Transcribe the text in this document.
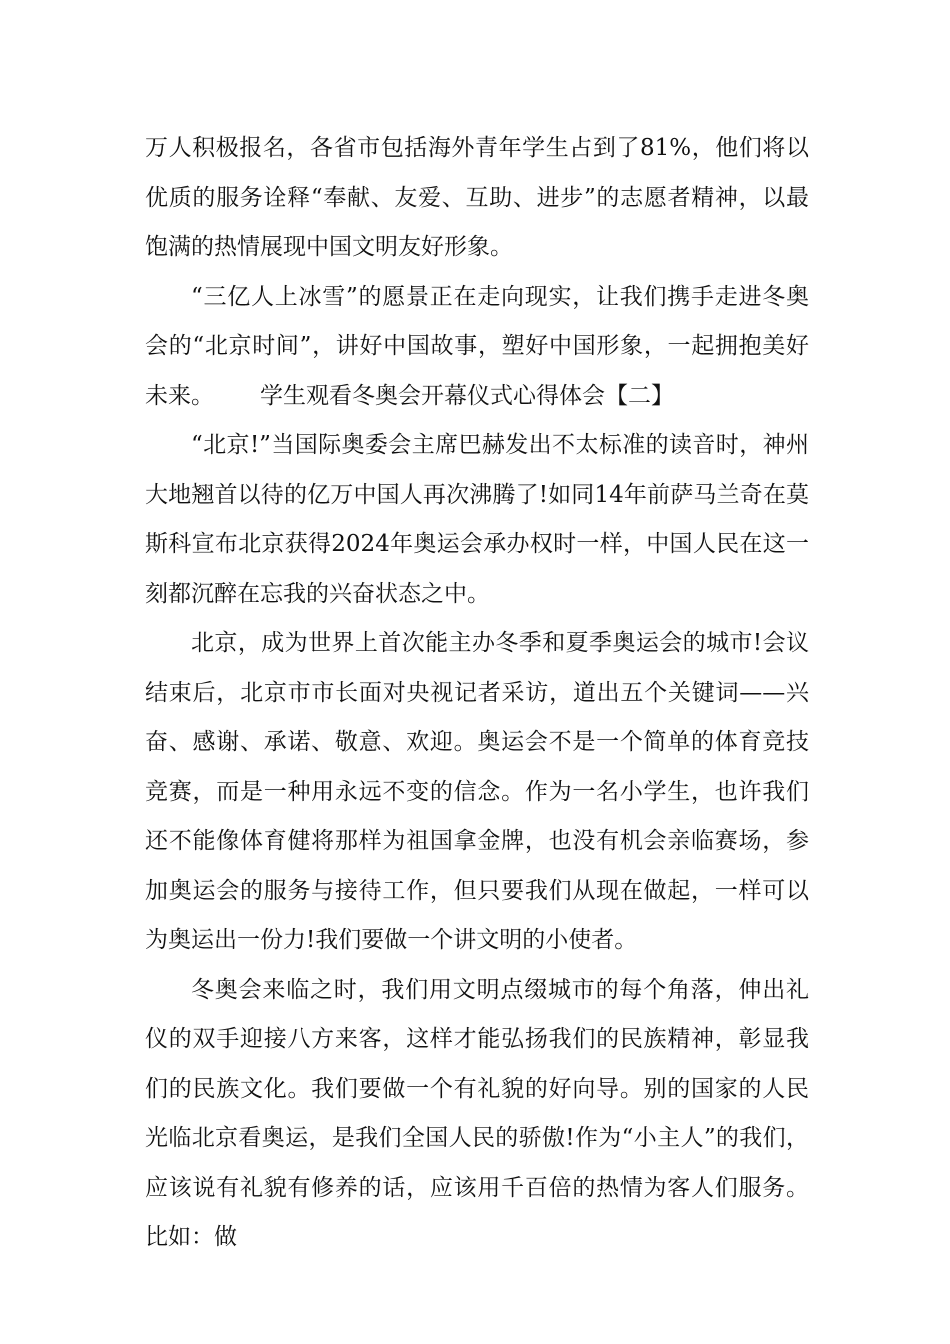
万人积极报名，各省市包括海外青年学生占到了81%，他们将以优质的服务诠释“奉献、友爱、互助、进步”的志愿者精神，以最饱满的热情展现中国文明友好形象。

“三亿人上冰雪”的愿景正在走向现实，让我们携手走进冬奥会的“北京时间”，讲好中国故事，塑好中国形象，一起拥抱美好未来。 学生观看冬奥会开幕仪式心得体会【二】

“北京!”当国际奥委会主席巴赫发出不太标准的读音时，神州大地翘首以待的亿万中国人再次沸腾了!如同14年前萨马兰奇在莫斯科宣布北京获得2024年奥运会承办权时一样，中国人民在这一刻都沉醉在忘我的兴奋状态之中。

北京，成为世界上首次能主办冬季和夏季奥运会的城市!会议结束后，北京市市长面对央视记者采访，道出五个关键词——兴奋、感谢、承诺、敬意、欢迎。奥运会不是一个简单的体育竞技竞赛，而是一种用永远不变的信念。作为一名小学生，也许我们还不能像体育健将那样为祖国拿金牌，也没有机会亲临赛场，参加奥运会的服务与接待工作，但只要我们从现在做起，一样可以为奥运出一份力!我们要做一个讲文明的小使者。

冬奥会来临之时，我们用文明点缀城市的每个角落，伸出礼仪的双手迎接八方来客，这样才能弘扬我们的民族精神，彰显我们的民族文化。我们要做一个有礼貌的好向导。别的国家的人民光临北京看奥运，是我们全国人民的骄傲!作为“小主人”的我们，应该说有礼貌有修养的话，应该用千百倍的热情为客人们服务。比如：做
